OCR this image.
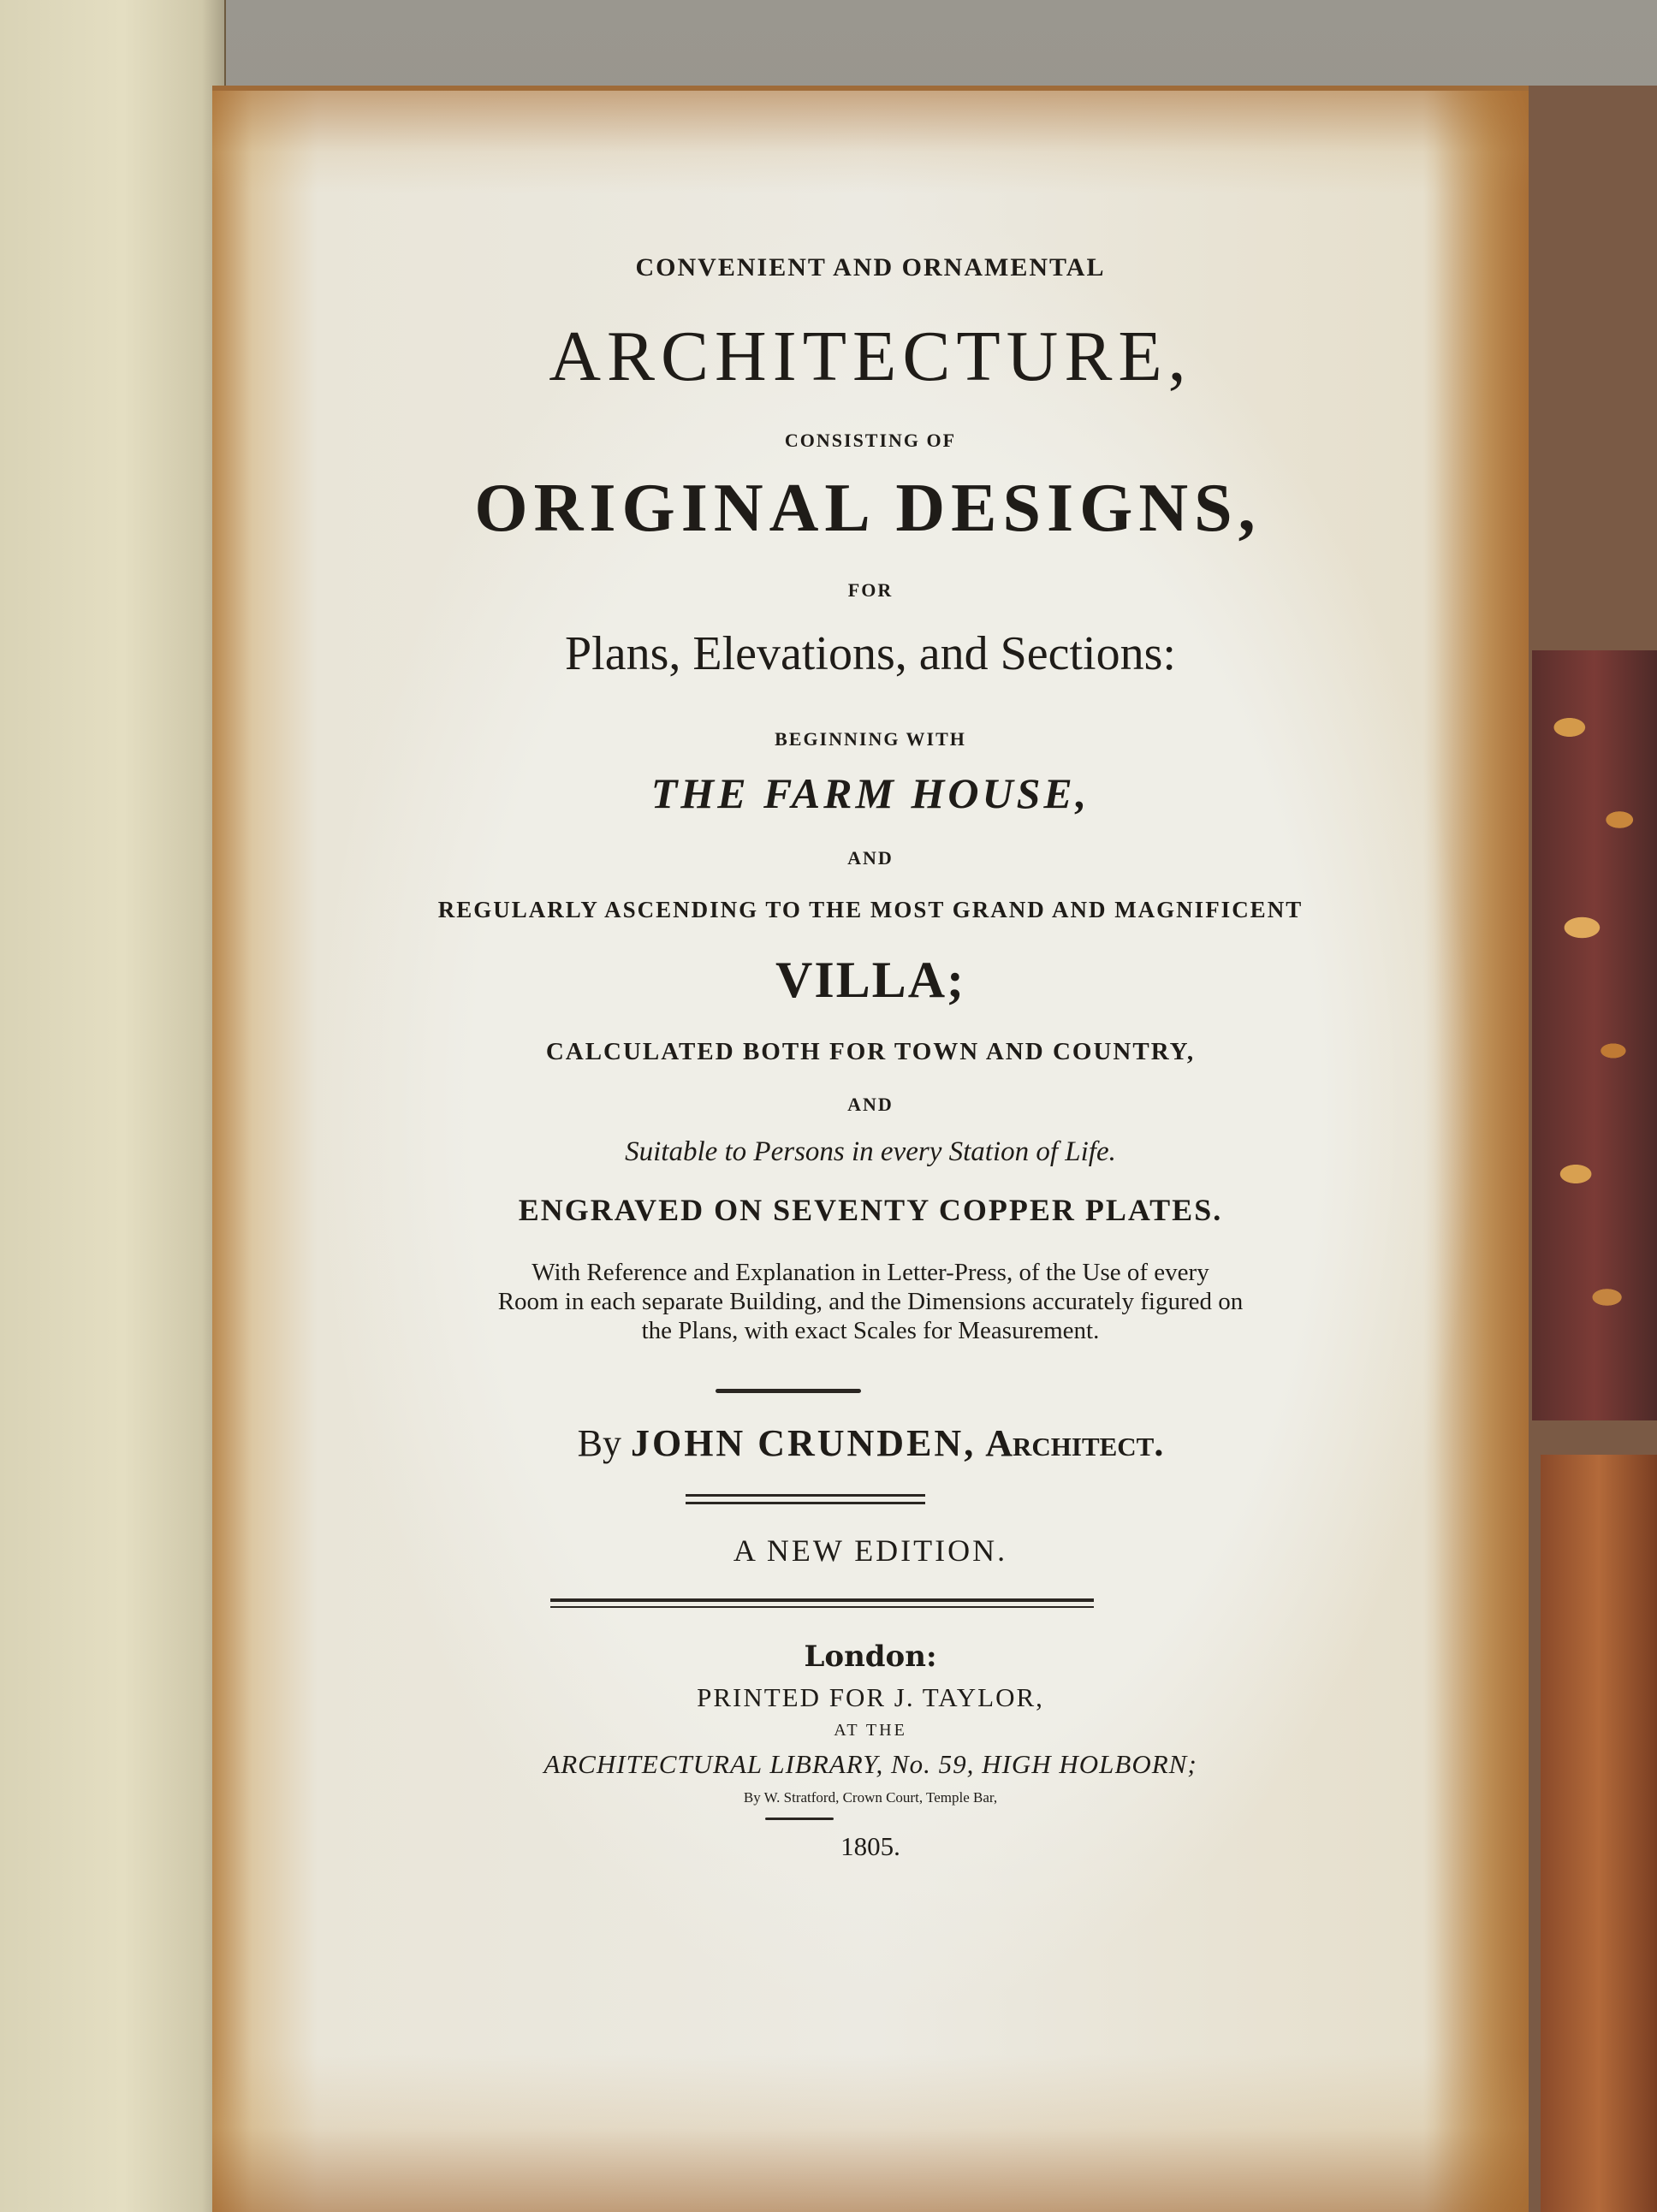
CONVENIENT AND ORNAMENTAL
ARCHITECTURE,
CONSISTING OF
ORIGINAL DESIGNS,
FOR
Plans, Elevations, and Sections:
BEGINNING WITH
THE FARM HOUSE,
AND
REGULARLY ASCENDING TO THE MOST GRAND AND MAGNIFICENT
VILLA;
CALCULATED BOTH FOR TOWN AND COUNTRY,
AND
Suitable to Persons in every Station of Life.
ENGRAVED ON SEVENTY COPPER PLATES.
With Reference and Explanation in Letter-Press, of the Use of every
Room in each separate Building, and the Dimensions accurately figured on
the Plans, with exact Scales for Measurement.
By JOHN CRUNDEN, Architect.
A NEW EDITION.
London:
PRINTED FOR J. TAYLOR,
AT THE
ARCHITECTURAL LIBRARY, No. 59, HIGH HOLBORN;
By W. Stratford, Crown Court, Temple Bar,
1805.
